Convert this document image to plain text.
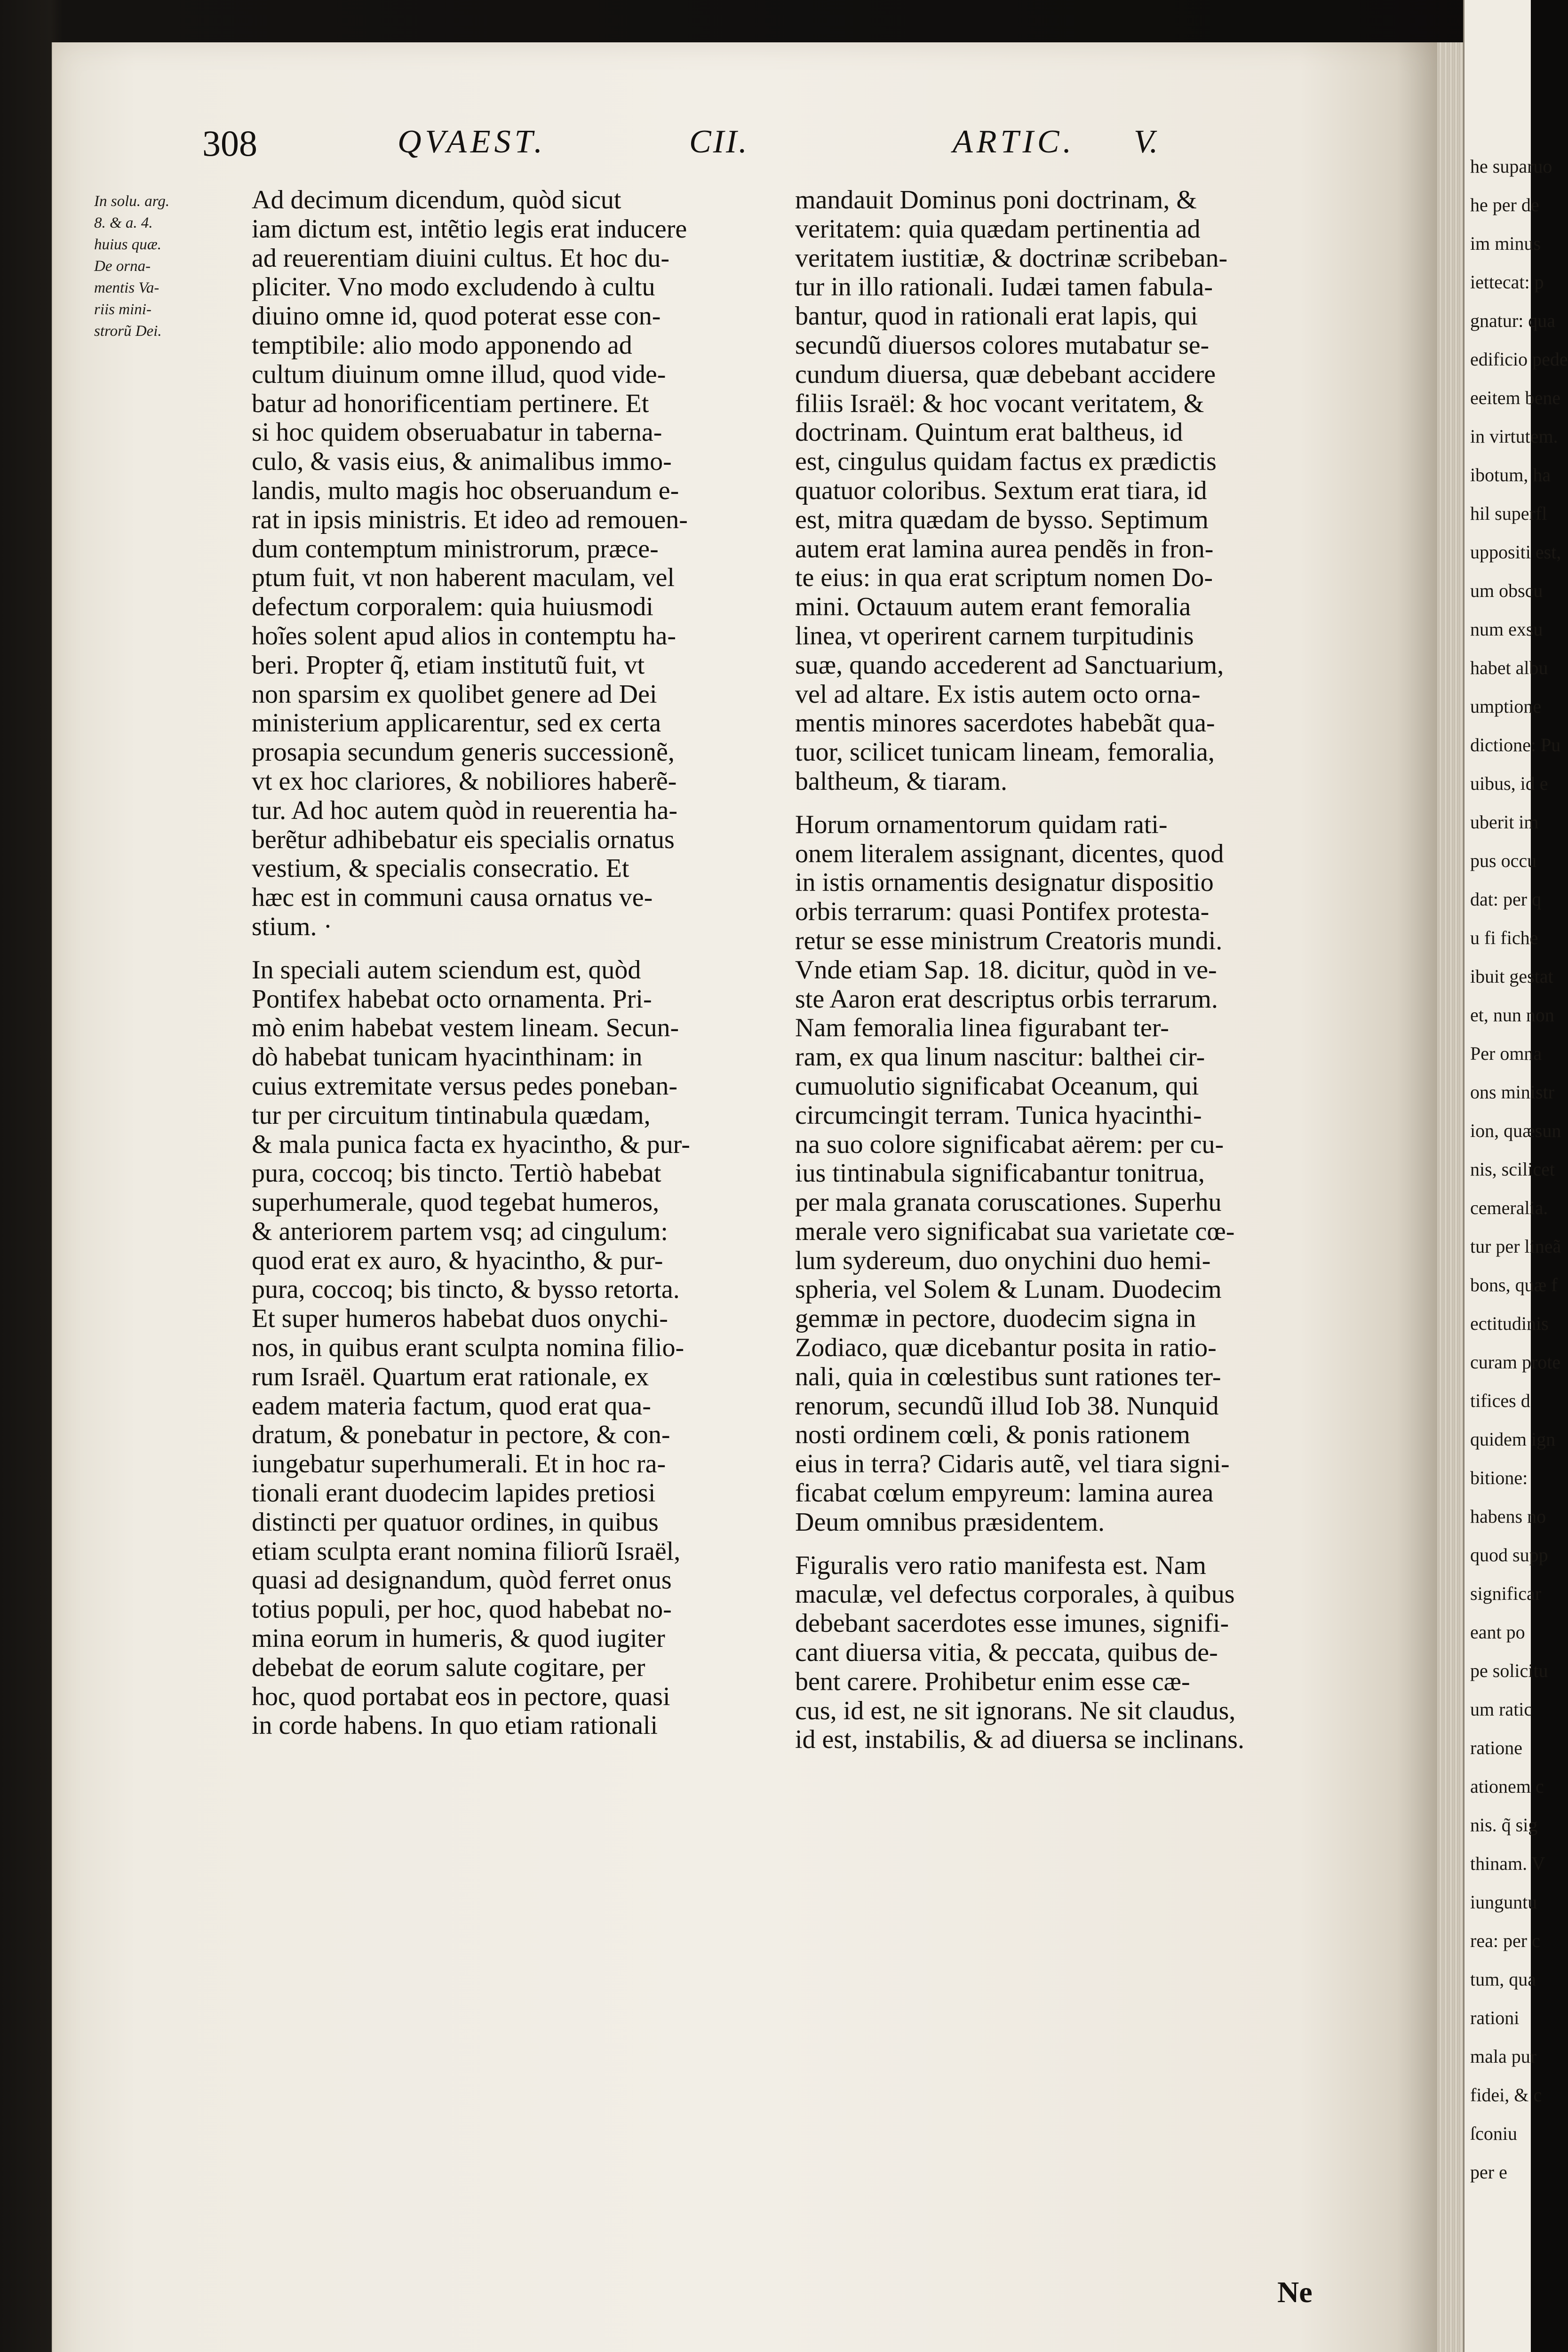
he suparuo
he per de
im minus
iettecat: p
gnatur: qua
edificio pede
eeitem bene
in virtutem.
ibotum, ha
hil superfl
uppositi est,
um obscu
num exsu
habet albu
umptione
dictione: Pu
uibus, id e
uberit im
pus occu
dat: per q
u fi fiche
ibuit gestat
et, nun non
Per omna
ons ministr
ion, quæsun
nis, scilicet
cemeralia.
tur per lineã
bons, quæ f
ectitudinis
curam prote
tifices d
quidem ign
bitione:
habens no
quod supp
significar
eant po
pe solicitu
um ratic
ratione
ationem c
nis. q̃ sig
thinam. V
iunguntu
rea: per c
tum, qua
rationi
mala pur
fidei, & c
ſconiu
per e

308	QVAEST.	CII.	ARTIC. V.

In solu. arg.
8. & a. 4.
huius quæ.
De orna-
mentis Va-
riis mini-
strorũ Dei.
Ad decimum dicendum, quòd sicut
iam dictum est, intẽtio legis erat inducere
ad reuerentiam diuini cultus. Et hoc du-
pliciter. Vno modo excludendo à cultu
diuino omne id, quod poterat esse con-
temptibile: alio modo apponendo ad
cultum diuinum omne illud, quod vide-
batur ad honorificentiam pertinere. Et
si hoc quidem obseruabatur in taberna-
culo, & vasis eius, & animalibus immo-
landis, multo magis hoc obseruandum e-
rat in ipsis ministris. Et ideo ad remouen-
dum contemptum ministrorum, præce-
ptum fuit, vt non haberent maculam, vel
defectum corporalem: quia huiusmodi
hoĩes solent apud alios in contemptu ha-
beri. Propter q̃, etiam institutũ fuit, vt
non sparsim ex quolibet genere ad Dei
ministerium applicarentur, sed ex certa
prosapia secundum generis successionẽ,
vt ex hoc clariores, & nobiliores haberẽ-
tur. Ad hoc autem quòd in reuerentia ha-
berẽtur adhibebatur eis specialis ornatus
vestium, & specialis consecratio. Et
hæc est in communi causa ornatus ve-
stium. ·
In speciali autem sciendum est, quòd
Pontifex habebat octo ornamenta. Pri-
mò enim habebat vestem lineam. Secun-
dò habebat tunicam hyacinthinam: in
cuius extremitate versus pedes poneban-
tur per circuitum tintinabula quædam,
& mala punica facta ex hyacintho, & pur-
pura, coccoq; bis tincto. Tertiò habebat
superhumerale, quod tegebat humeros,
& anteriorem partem vsq; ad cingulum:
quod erat ex auro, & hyacintho, & pur-
pura, coccoq; bis tincto, & bysso retorta.
Et super humeros habebat duos onychi-
nos, in quibus erant sculpta nomina filio-
rum Israël. Quartum erat rationale, ex
eadem materia factum, quod erat qua-
dratum, & ponebatur in pectore, & con-
iungebatur superhumerali. Et in hoc ra-
tionali erant duodecim lapides pretiosi
distincti per quatuor ordines, in quibus
etiam sculpta erant nomina filiorũ Israël,
quasi ad designandum, quòd ferret onus
totius populi, per hoc, quod habebat no-
mina eorum in humeris, & quod iugiter
debebat de eorum salute cogitare, per
hoc, quod portabat eos in pectore, quasi
in corde habens. In quo etiam rationali
mandauit Dominus poni doctrinam, &
veritatem: quia quædam pertinentia ad
veritatem iustitiæ, & doctrinæ scribeban-
tur in illo rationali. Iudæi tamen fabula-
bantur, quod in rationali erat lapis, qui
secundũ diuersos colores mutabatur se-
cundum diuersa, quæ debebant accidere
filiis Israël: & hoc vocant veritatem, &
doctrinam. Quintum erat baltheus, id
est, cingulus quidam factus ex prædictis
quatuor coloribus. Sextum erat tiara, id
est, mitra quædam de bysso. Septimum
autem erat lamina aurea pendẽs in fron-
te eius: in qua erat scriptum nomen Do-
mini. Octauum autem erant femoralia
linea, vt operirent carnem turpitudinis
suæ, quando accederent ad Sanctuarium,
vel ad altare. Ex istis autem octo orna-
mentis minores sacerdotes habebãt qua-
tuor, scilicet tunicam lineam, femoralia,
baltheum, & tiaram.
Horum ornamentorum quidam rati-
onem literalem assignant, dicentes, quod
in istis ornamentis designatur dispositio
orbis terrarum: quasi Pontifex protesta-
retur se esse ministrum Creatoris mundi.
Vnde etiam Sap. 18. dicitur, quòd in ve-
ste Aaron erat descriptus orbis terrarum.
Nam femoralia linea figurabant ter-
ram, ex qua linum nascitur: balthei cir-
cumuolutio significabat Oceanum, qui
circumcingit terram. Tunica hyacinthi-
na suo colore significabat aërem: per cu-
ius tintinabula significabantur tonitrua,
per mala granata coruscationes. Superhu
merale vero significabat sua varietate cœ-
lum sydereum, duo onychini duo hemi-
spheria, vel Solem & Lunam. Duodecim
gemmæ in pectore, duodecim signa in
Zodiaco, quæ dicebantur posita in ratio-
nali, quia in cœlestibus sunt rationes ter-
renorum, secundũ illud Iob 38. Nunquid
nosti ordinem cœli, & ponis rationem
eius in terra? Cidaris autẽ, vel tiara signi-
ficabat cœlum empyreum: lamina aurea
Deum omnibus præsidentem.
Figuralis vero ratio manifesta est. Nam
maculæ, vel defectus corporales, à quibus
debebant sacerdotes esse imunes, signifi-
cant diuersa vitia, & peccata, quibus de-
bent carere. Prohibetur enim esse cæ-
cus, id est, ne sit ignorans. Ne sit claudus,
id est, instabilis, & ad diuersa se inclinans.

Ne
